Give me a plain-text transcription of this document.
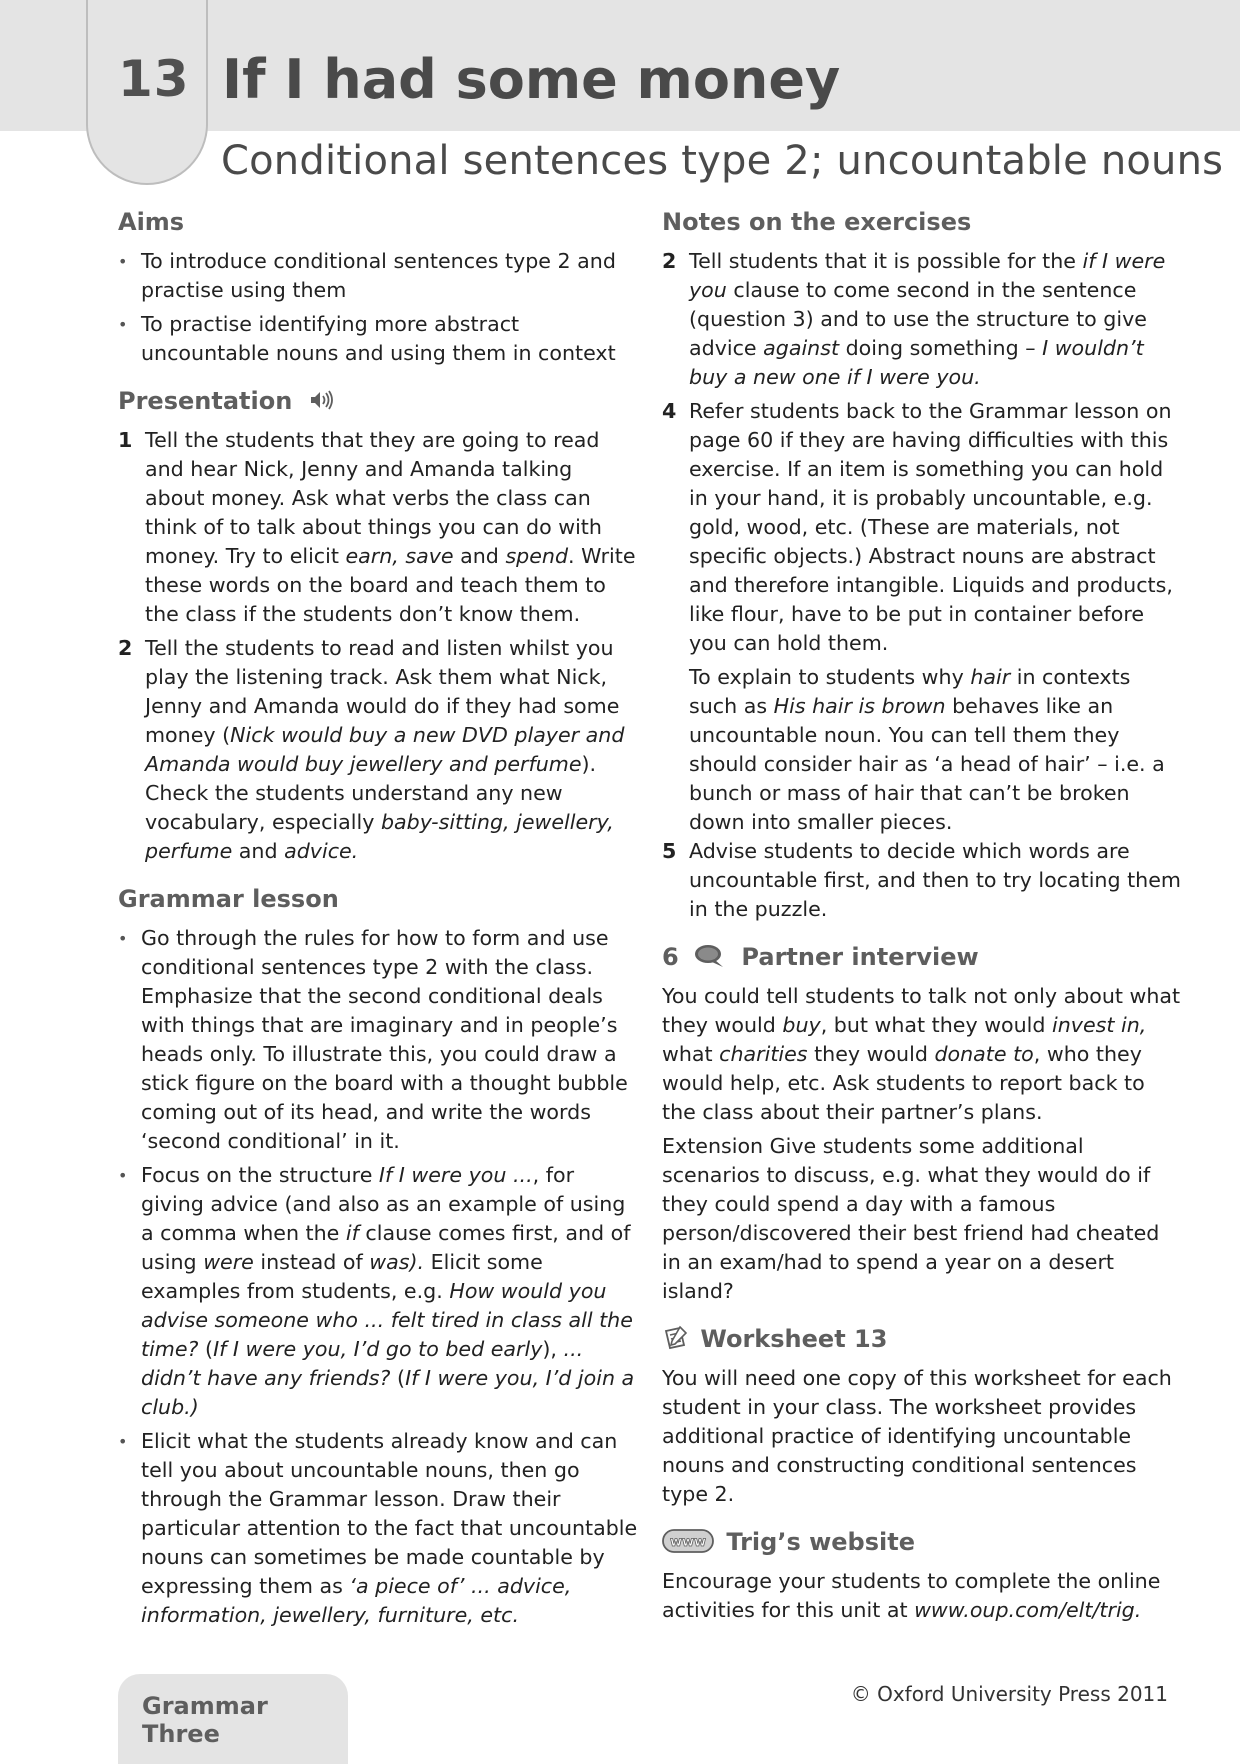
13 If I had some money
Conditional sentences type 2; uncountable nouns
Aims
• To introduce conditional sentences type 2 and practise using them
• To practise identifying more abstract uncountable nouns and using them in context
Presentation
1 Tell the students that they are going to read and hear Nick, Jenny and Amanda talking about money. Ask what verbs the class can think of to talk about things you can do with money. Try to elicit earn, save and spend. Write these words on the board and teach them to the class if the students don’t know them.
2 Tell the students to read and listen whilst you play the listening track. Ask them what Nick, Jenny and Amanda would do if they had some money (Nick would buy a new DVD player and Amanda would buy jewellery and perfume). Check the students understand any new vocabulary, especially baby-sitting, jewellery, perfume and advice.
Grammar lesson
• Go through the rules for how to form and use conditional sentences type 2 with the class. Emphasize that the second conditional deals with things that are imaginary and in people’s heads only. To illustrate this, you could draw a stick figure on the board with a thought bubble coming out of its head, and write the words ‘second conditional’ in it.
• Focus on the structure If I were you ..., for giving advice (and also as an example of using a comma when the if clause comes first, and of using were instead of was). Elicit some examples from students, e.g. How would you advise someone who ... felt tired in class all the time? (If I were you, I’d go to bed early), ... didn’t have any friends? (If I were you, I’d join a club.)
• Elicit what the students already know and can tell you about uncountable nouns, then go through the Grammar lesson. Draw their particular attention to the fact that uncountable nouns can sometimes be made countable by expressing them as ‘a piece of’ ... advice, information, jewellery, furniture, etc.
Notes on the exercises
2 Tell students that it is possible for the if I were you clause to come second in the sentence (question 3) and to use the structure to give advice against doing something – I wouldn’t buy a new one if I were you.
4 Refer students back to the Grammar lesson on page 60 if they are having difficulties with this exercise. If an item is something you can hold in your hand, it is probably uncountable, e.g. gold, wood, etc. (These are materials, not specific objects.) Abstract nouns are abstract and therefore intangible. Liquids and products, like flour, have to be put in container before you can hold them.

To explain to students why hair in contexts such as His hair is brown behaves like an uncountable noun. You can tell them they should consider hair as ‘a head of hair’ – i.e. a bunch or mass of hair that can’t be broken down into smaller pieces.

5 Advise students to decide which words are uncountable first, and then to try locating them in the puzzle.
6	Partner interview

You could tell students to talk not only about what they would buy, but what they would invest in, what charities they would donate to, who they would help, etc. Ask students to report back to the class about their partner’s plans.

Extension Give students some additional scenarios to discuss, e.g. what they would do if they could spend a day with a famous person/discovered their best friend had cheated in an exam/had to spend a year on a desert island?

Worksheet 13

You will need one copy of this worksheet for each student in your class. The worksheet provides additional practice of identifying uncountable nouns and constructing conditional sentences type 2.

www Trig’s website

Encourage your students to complete the online activities for this unit at www.oup.com/elt/trig.

Grammar Three
© Oxford University Press 2011
